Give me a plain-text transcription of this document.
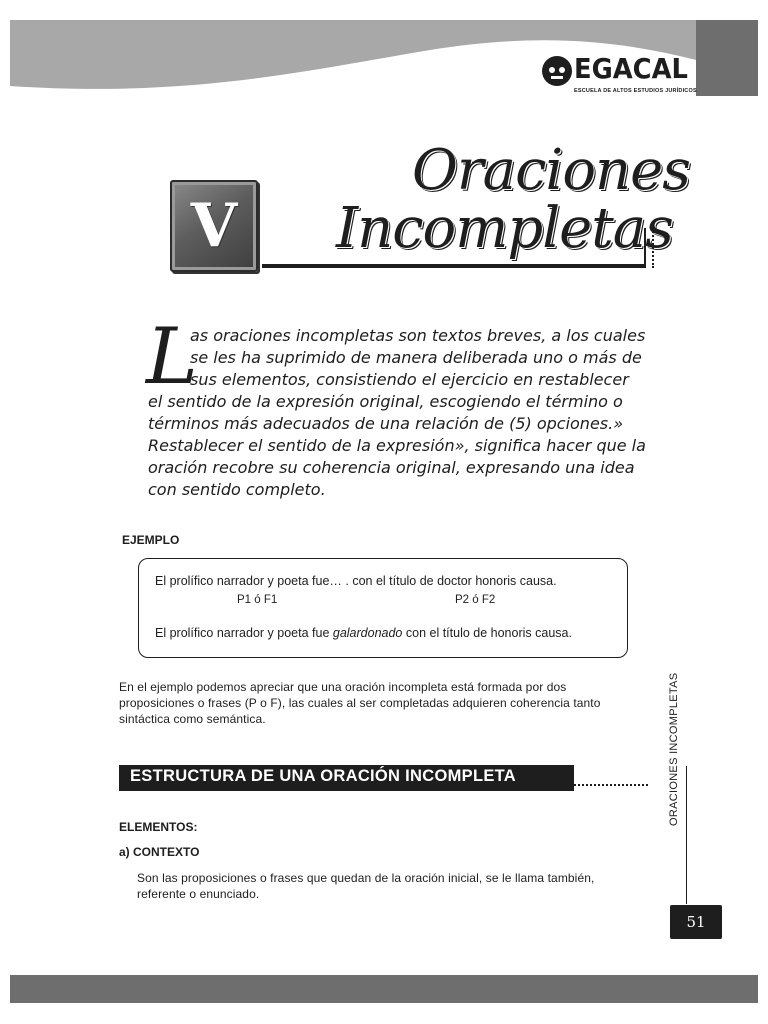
EGACAL
ESCUELA DE ALTOS ESTUDIOS JURÍDICOS
V
Oraciones
Incompletas
L
as oraciones incompletas son textos breves, a los cuales
se les ha suprimido de manera deliberada uno o más de
sus elementos, consistiendo el ejercicio en restablecer
el sentido de la expresión original, escogiendo el término o
términos más adecuados de una relación de (5) opciones.»
Restablecer el sentido de la expresión», significa hacer que la
oración recobre su coherencia original, expresando una idea
con sentido completo.
EJEMPLO
El prolífico narrador y poeta fue… . con el título de doctor honoris causa.
P1 ó F1	P2 ó F2
El prolífico narrador y poeta fue galardonado con el título de honoris causa.
En el ejemplo podemos apreciar que una oración incompleta está formada por dos
proposiciones o frases (P o F), las cuales al ser completadas adquieren coherencia tanto
sintáctica como semántica.
ESTRUCTURA DE UNA ORACIÓN INCOMPLETA
ELEMENTOS:
a) CONTEXTO
Son las proposiciones o frases que quedan de la oración inicial, se le llama también,
referente o enunciado.
ORACIONES INCOMPLETAS
51
